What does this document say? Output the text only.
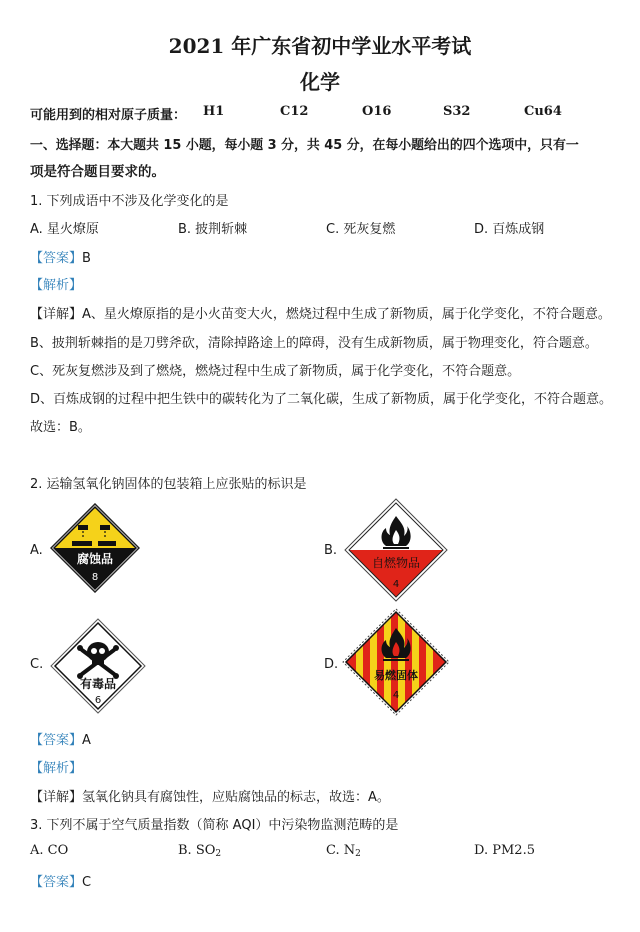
2021 年广东省初中学业水平考试
化学
可能用到的相对原子质量： H1	C12	O16	S32	Cu64
一、选择题：本大题共 15 小题，每小题 3 分，共 45 分，在每小题给出的四个选项中，只有一
项是符合题目要求的。
1. 下列成语中不涉及化学变化的是
A. 星火燎原	B. 披荆斩棘	C. 死灰复燃	D. 百炼成钢
【答案】B
【解析】
【详解】A、星火燎原指的是小火苗变大火，燃烧过程中生成了新物质，属于化学变化，不符合题意。
B、披荆斩棘指的是刀劈斧砍，清除掉路途上的障碍，没有生成新物质，属于物理变化，符合题意。
C、死灰复燃涉及到了燃烧，燃烧过程中生成了新物质，属于化学变化，不符合题意。
D、百炼成钢的过程中把生铁中的碳转化为了二氧化碳，生成了新物质，属于化学变化，不符合题意。
故选：B。
2. 运输氢氧化钠固体的包装箱上应张贴的标识是
A.	B.
C.	D.
腐蚀品
8
自燃物品
4
有毒品
6
易燃固体
4
【答案】A
【解析】
【详解】氢氧化钠具有腐蚀性，应贴腐蚀品的标志，故选：A。
3. 下列不属于空气质量指数（简称 AQI）中污染物监测范畴的是
A. CO	B. $SO_2$	C. $N_2$	D. PM2.5
【答案】C
